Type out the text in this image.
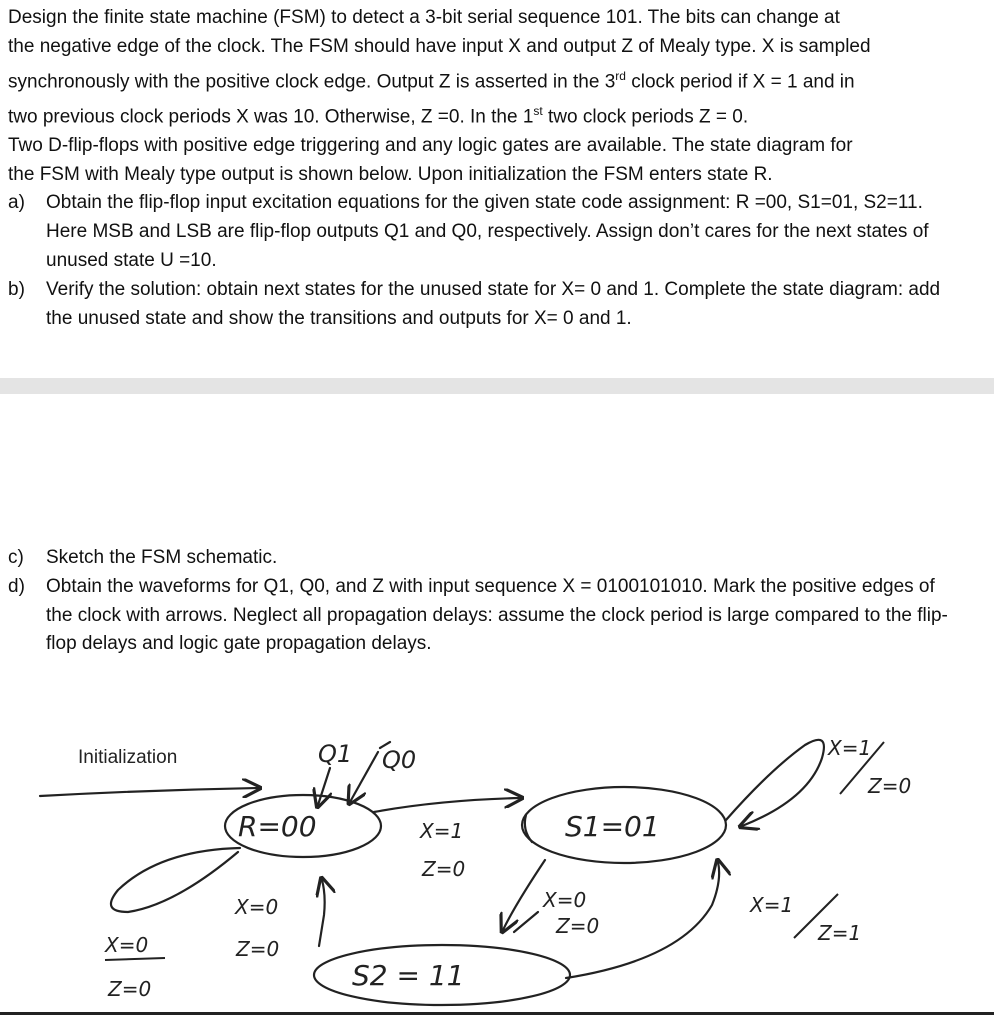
Design the finite state machine (FSM) to detect a 3-bit serial sequence 101. The bits can change at

the negative edge of the clock. The FSM should have input X and output Z of Mealy type. X is sampled

synchronously with the positive clock edge. Output Z is asserted in the 3rd clock period if X = 1 and in

two previous clock periods X was 10. Otherwise, Z =0. In the 1st two clock periods Z = 0.

Two D-flip-flops with positive edge triggering and any logic gates are available. The state diagram for

the FSM with Mealy type output is shown below. Upon initialization the FSM enters state R.

a) Obtain the flip-flop input excitation equations for the given state code assignment: R =00, S1=01, S2=11. Here MSB and LSB are flip-flop outputs Q1 and Q0, respectively. Assign don’t cares for the next states of unused state U =10.
b) Verify the solution: obtain next states for the unused state for X= 0 and 1. Complete the state diagram: add the unused state and show the transitions and outputs for X= 0 and 1.
c) Sketch the FSM schematic.
d) Obtain the waveforms for Q1, Q0, and Z with input sequence X = 0100101010. Mark the positive edges of the clock with arrows. Neglect all propagation delays: assume the clock period is large compared to the flip-flop delays and logic gate propagation delays.
Initialization
R=00	S1=01
S2 = 11
Q1 Q0
X=1
Z=0
X=1
Z=0
X=0
Z=0
X=0
Z=0
X=1
Z=1
X=0
Z=0
